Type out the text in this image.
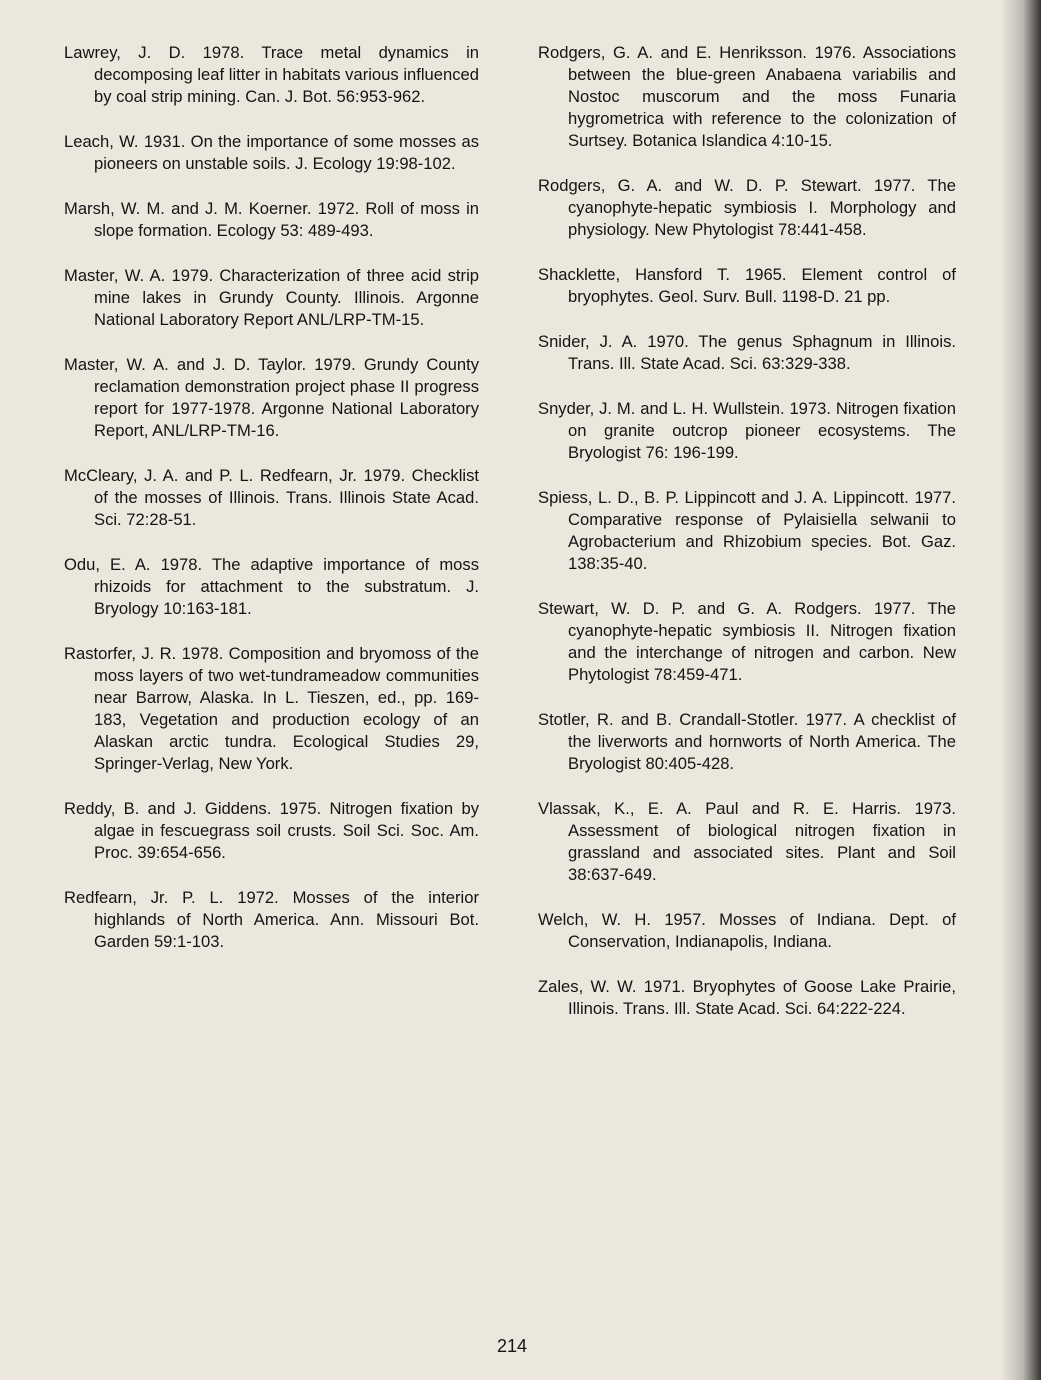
Lawrey, J. D. 1978. Trace metal dynamics in decomposing leaf litter in habitats various influenced by coal strip mining. Can. J. Bot. 56:953-962.

Leach, W. 1931. On the importance of some mosses as pioneers on unstable soils. J. Ecology 19:98-102.

Marsh, W. M. and J. M. Koerner. 1972. Roll of moss in slope formation. Ecology 53: 489-493.

Master, W. A. 1979. Characterization of three acid strip mine lakes in Grundy County. Illinois. Argonne National Laboratory Report ANL/LRP-TM-15.

Master, W. A. and J. D. Taylor. 1979. Grundy County reclamation demonstration project phase II progress report for 1977-1978. Argonne National Laboratory Report, ANL/LRP-TM-16.

McCleary, J. A. and P. L. Redfearn, Jr. 1979. Checklist of the mosses of Illinois. Trans. Illinois State Acad. Sci. 72:28-51.

Odu, E. A. 1978. The adaptive importance of moss rhizoids for attachment to the substratum. J. Bryology 10:163-181.

Rastorfer, J. R. 1978. Composition and bryomoss of the moss layers of two wet-tundrameadow communities near Barrow, Alaska. In L. Tieszen, ed., pp. 169-183, Vegetation and production ecology of an Alaskan arctic tundra. Ecological Studies 29, Springer-Verlag, New York.

Reddy, B. and J. Giddens. 1975. Nitrogen fixation by algae in fescuegrass soil crusts. Soil Sci. Soc. Am. Proc. 39:654-656.

Redfearn, Jr. P. L. 1972. Mosses of the interior highlands of North America. Ann. Missouri Bot. Garden 59:1-103.

Rodgers, G. A. and E. Henriksson. 1976. Associations between the blue-green Anabaena variabilis and Nostoc muscorum and the moss Funaria hygrometrica with reference to the colonization of Surtsey. Botanica Islandica 4:10-15.

Rodgers, G. A. and W. D. P. Stewart. 1977. The cyanophyte-hepatic symbiosis I. Morphology and physiology. New Phytologist 78:441-458.

Shacklette, Hansford T. 1965. Element control of bryophytes. Geol. Surv. Bull. 1198-D. 21 pp.

Snider, J. A. 1970. The genus Sphagnum in Illinois. Trans. Ill. State Acad. Sci. 63:329-338.

Snyder, J. M. and L. H. Wullstein. 1973. Nitrogen fixation on granite outcrop pioneer ecosystems. The Bryologist 76: 196-199.

Spiess, L. D., B. P. Lippincott and J. A. Lippincott. 1977. Comparative response of Pylaisiella selwanii to Agrobacterium and Rhizobium species. Bot. Gaz. 138:35-40.

Stewart, W. D. P. and G. A. Rodgers. 1977. The cyanophyte-hepatic symbiosis II. Nitrogen fixation and the interchange of nitrogen and carbon. New Phytologist 78:459-471.

Stotler, R. and B. Crandall-Stotler. 1977. A checklist of the liverworts and hornworts of North America. The Bryologist 80:405-428.

Vlassak, K., E. A. Paul and R. E. Harris. 1973. Assessment of biological nitrogen fixation in grassland and associated sites. Plant and Soil 38:637-649.

Welch, W. H. 1957. Mosses of Indiana. Dept. of Conservation, Indianapolis, Indiana.

Zales, W. W. 1971. Bryophytes of Goose Lake Prairie, Illinois. Trans. Ill. State Acad. Sci. 64:222-224.

214
